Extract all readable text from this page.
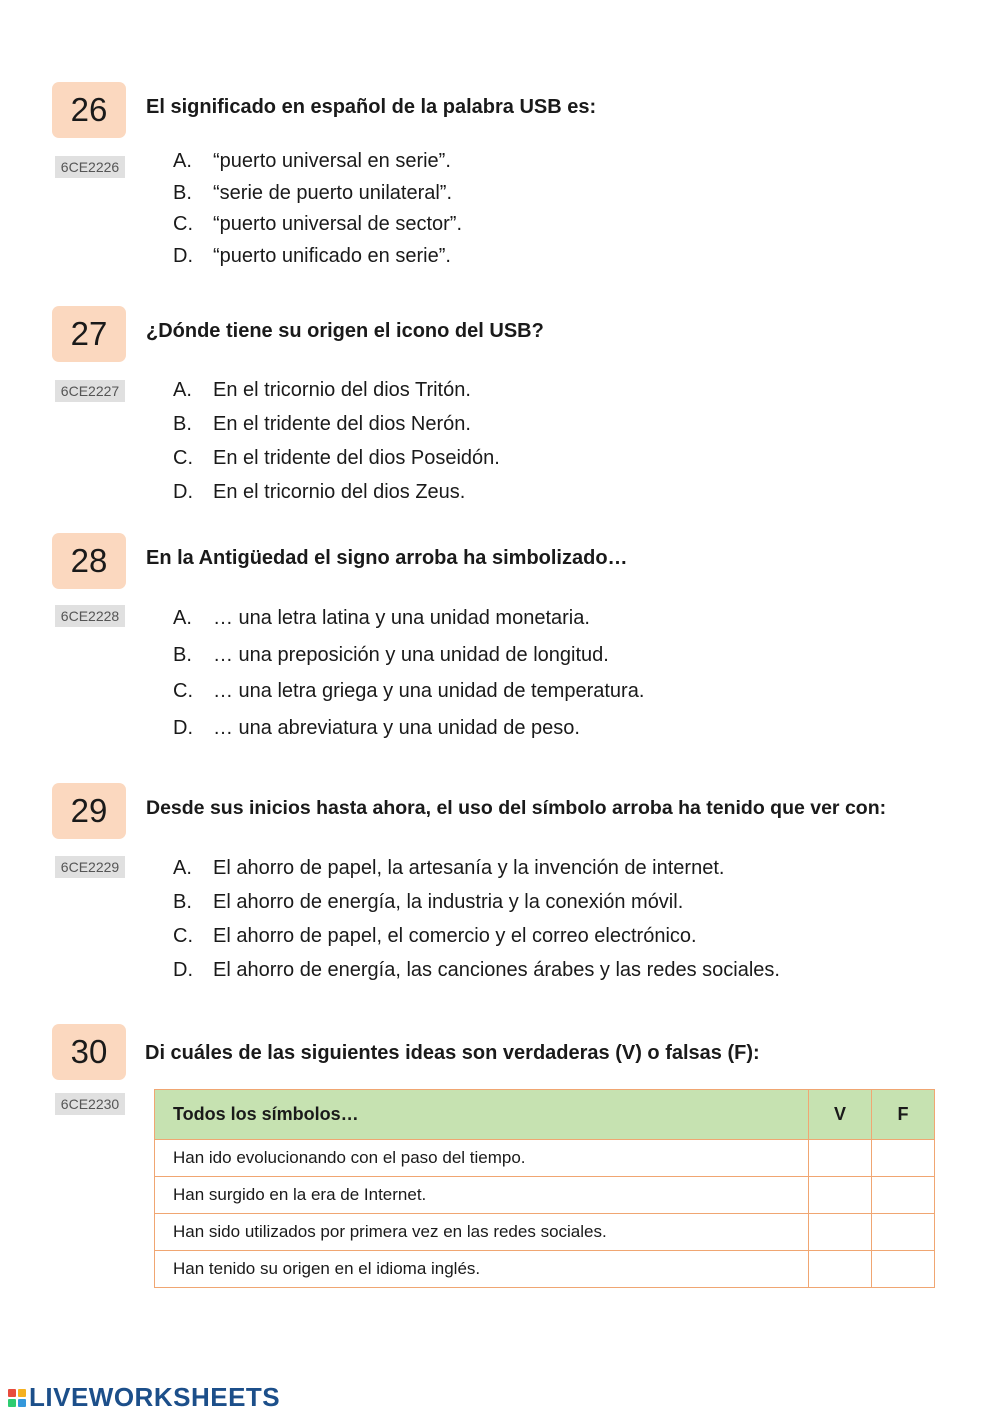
26	El significado en español de la palabra USB es:
6CE2226	A.	“puerto universal en serie”.
B.	“serie de puerto unilateral”.
C.	“puerto universal de sector”.
D.	“puerto unificado en serie”.
27	¿Dónde tiene su origen el icono del USB?
6CE2227	A.	En el tricornio del dios Tritón.
B.	En el tridente del dios Nerón.
C.	En el tridente del dios Poseidón.
D.	En el tricornio del dios Zeus.
28	En la Antigüedad el signo arroba ha simbolizado…
6CE2228	A.	… una letra latina y una unidad monetaria.
B.	… una preposición y una unidad de longitud.
C.	… una letra griega y una unidad de temperatura.
D.	… una abreviatura y una unidad de peso.
29	Desde sus inicios hasta ahora, el uso del símbolo arroba ha tenido que ver con:
6CE2229	A.	El ahorro de papel, la artesanía y la invención de internet.
B.	El ahorro de energía, la industria y la conexión móvil.
C.	El ahorro de papel, el comercio y el correo electrónico.
D.	El ahorro de energía, las canciones árabes y las redes sociales.
30	Di cuáles de las siguientes ideas son verdaderas (V) o falsas (F):
6CE2230	Todos los símbolos…	V	F
Han ido evolucionando con el paso del tiempo.		
Han surgido en la era de Internet.		
Han sido utilizados por primera vez en las redes sociales.		
Han tenido su origen en el idioma inglés.		
LIVEWORKSHEETS
